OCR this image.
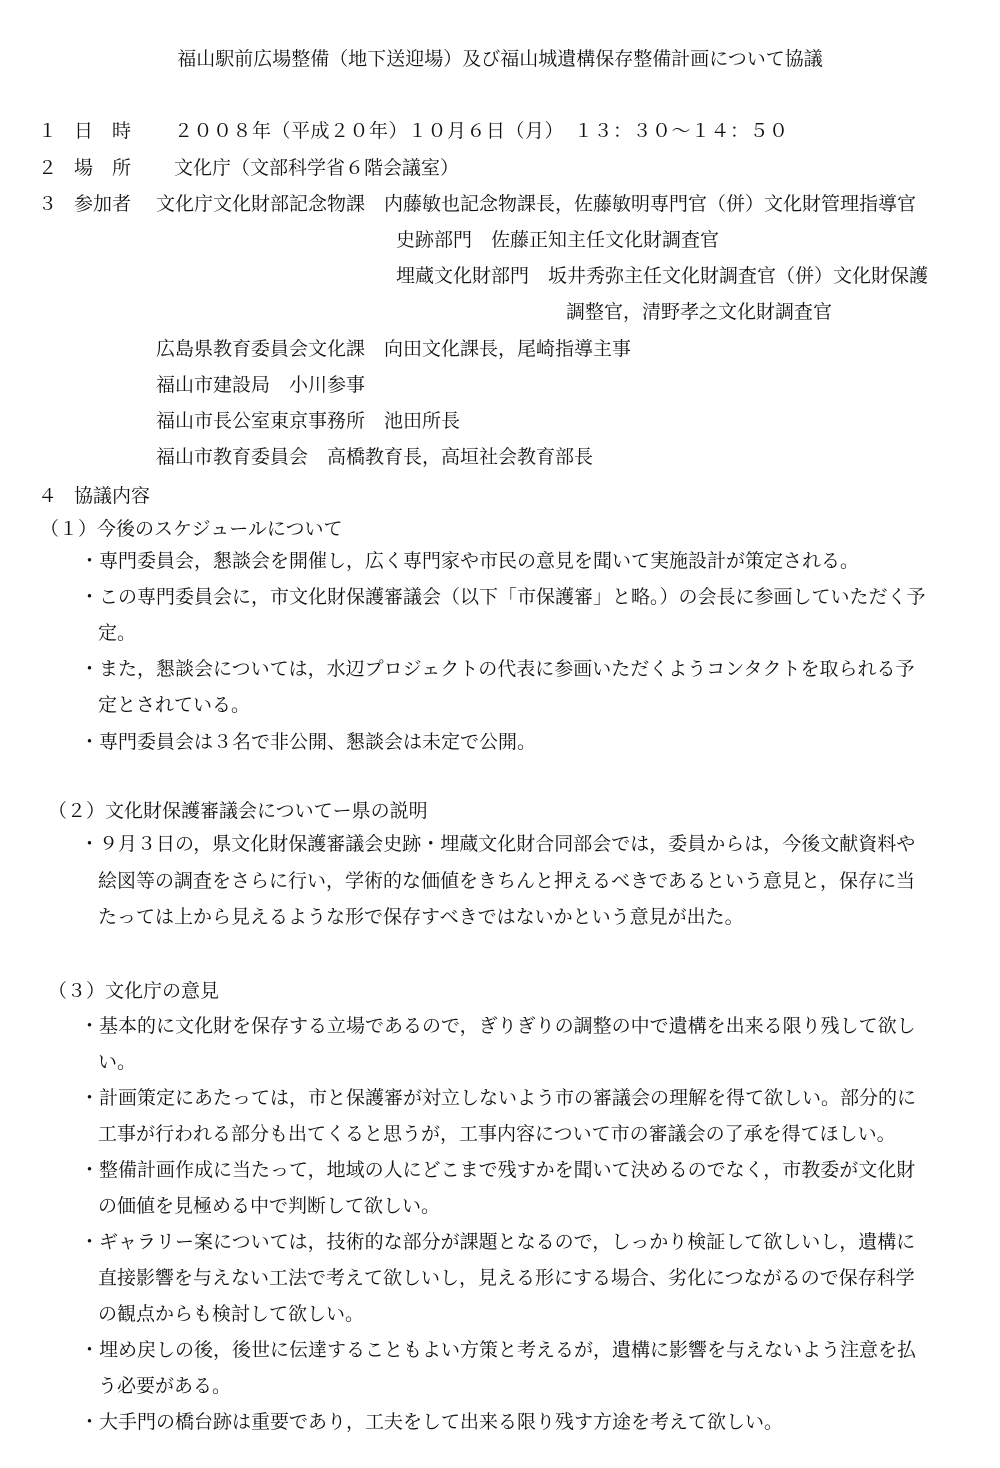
福山駅前広場整備（地下送迎場）及び福山城遺構保存整備計画について協議
１ 日　時 ２００８年（平成２０年）１０月６日（月）　１３：３０～１４：５０
２ 場　所 文化庁（文部科学省６階会議室）
３ 参加者 文化庁文化財部記念物課　内藤敏也記念物課長，佐藤敏明専門官（併）文化財管理指導官
史跡部門　佐藤正知主任文化財調査官
埋蔵文化財部門　坂井秀弥主任文化財調査官（併）文化財保護
調整官，清野孝之文化財調査官
広島県教育委員会文化課　向田文化課長，尾崎指導主事
福山市建設局　小川参事
福山市長公室東京事務所　池田所長
福山市教育委員会　高橋教育長，高垣社会教育部長
４ 協議内容
（１）今後のスケジュールについて
・専門委員会，懇談会を開催し，広く専門家や市民の意見を聞いて実施設計が策定される。
・この専門委員会に，市文化財保護審議会（以下「市保護審」と略。）の会長に参画していただく予
定。
・また，懇談会については，水辺プロジェクトの代表に参画いただくようコンタクトを取られる予
定とされている。
・専門委員会は３名で非公開、懇談会は未定で公開。
（２）文化財保護審議会についてー県の説明
・９月３日の，県文化財保護審議会史跡・埋蔵文化財合同部会では，委員からは，今後文献資料や
絵図等の調査をさらに行い，学術的な価値をきちんと押えるべきであるという意見と，保存に当
たっては上から見えるような形で保存すべきではないかという意見が出た。
（３）文化庁の意見
・基本的に文化財を保存する立場であるので，ぎりぎりの調整の中で遺構を出来る限り残して欲し
い。
・計画策定にあたっては，市と保護審が対立しないよう市の審議会の理解を得て欲しい。部分的に
工事が行われる部分も出てくると思うが，工事内容について市の審議会の了承を得てほしい。
・整備計画作成に当たって，地域の人にどこまで残すかを聞いて決めるのでなく，市教委が文化財
の価値を見極める中で判断して欲しい。
・ギャラリー案については，技術的な部分が課題となるので，しっかり検証して欲しいし，遺構に
直接影響を与えない工法で考えて欲しいし，見える形にする場合、劣化につながるので保存科学
の観点からも検討して欲しい。
・埋め戻しの後，後世に伝達することもよい方策と考えるが，遺構に影響を与えないよう注意を払
う必要がある。
・大手門の橋台跡は重要であり，工夫をして出来る限り残す方途を考えて欲しい。
